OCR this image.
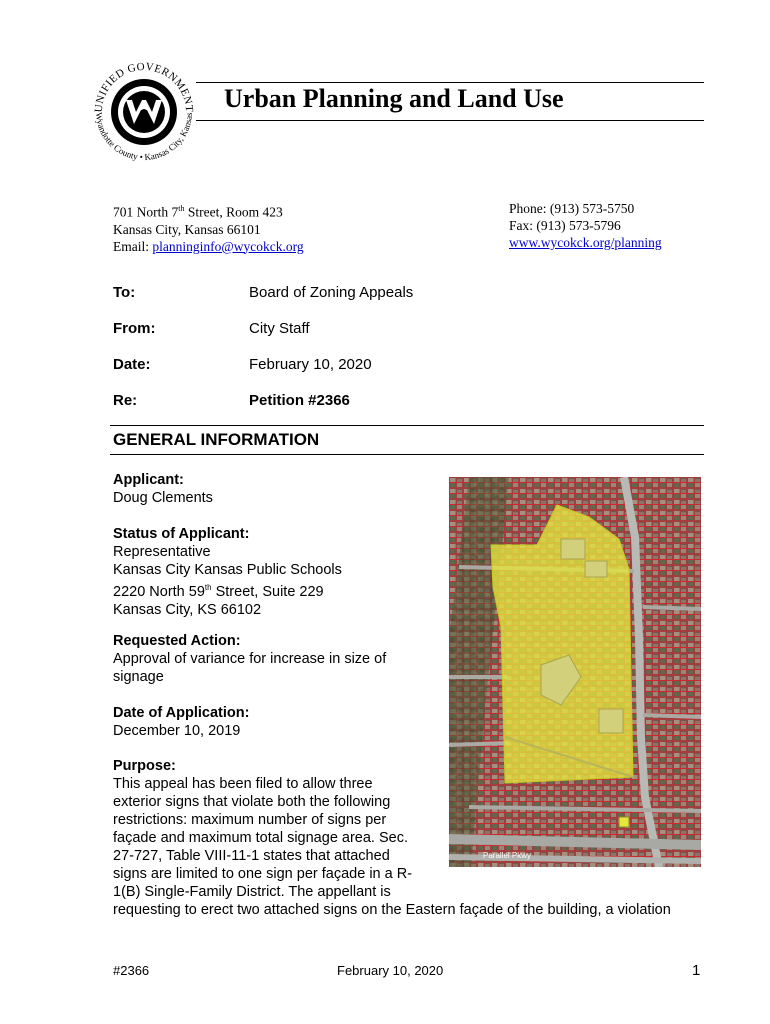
UNIFIED GOVERNMENT
Wyandotte County • Kansas City, Kansas
Urban Planning and Land Use
701 North 7th Street, Room 423
Kansas City, Kansas 66101
Email: planninginfo@wycokck.org
Phone: (913) 573-5750
Fax: (913) 573-5796
www.wycokck.org/planning
To:	Board of Zoning Appeals
From:	City Staff
Date:	February 10, 2020
Re:	Petition #2366
GENERAL INFORMATION
Applicant:
Doug Clements
Status of Applicant:
Representative
Kansas City Kansas Public Schools
2220 North 59th Street, Suite 229
Kansas City, KS 66102
Requested Action:
Approval of variance for increase in size of
signage
Date of Application:
December 10, 2019
Purpose:
This appeal has been filed to allow three
exterior signs that violate both the following
restrictions: maximum number of signs per
façade and maximum total signage area. Sec.
27-727, Table VIII-11-1 states that attached
signs are limited to one sign per façade in a R-
1(B) Single-Family District. The appellant is
requesting to erect two attached signs on the Eastern façade of the building, a violation
Parallel Pkwy
#2366	February 10, 2020	1
